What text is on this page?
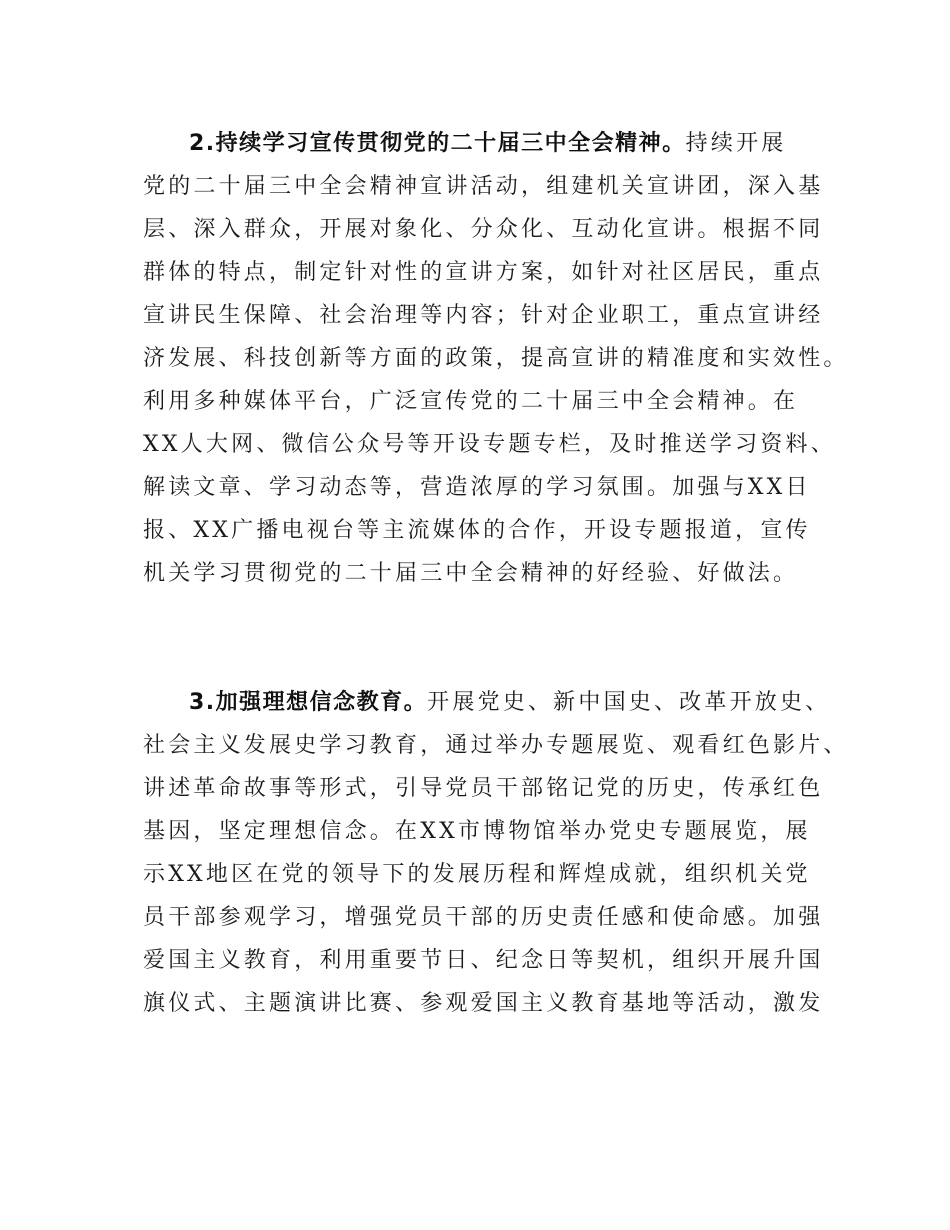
2.持续学习宣传贯彻党的二十届三中全会精神。持续开展
党的二十届三中全会精神宣讲活动，组建机关宣讲团，深入基
层、深入群众，开展对象化、分众化、互动化宣讲。根据不同
群体的特点，制定针对性的宣讲方案，如针对社区居民，重点
宣讲民生保障、社会治理等内容；针对企业职工，重点宣讲经
济发展、科技创新等方面的政策，提高宣讲的精准度和实效性。
利用多种媒体平台，广泛宣传党的二十届三中全会精神。在
XX人大网、微信公众号等开设专题专栏，及时推送学习资料、
解读文章、学习动态等，营造浓厚的学习氛围。加强与XX日
报、XX广播电视台等主流媒体的合作，开设专题报道，宣传
机关学习贯彻党的二十届三中全会精神的好经验、好做法。
3.加强理想信念教育。开展党史、新中国史、改革开放史、
社会主义发展史学习教育，通过举办专题展览、观看红色影片、
讲述革命故事等形式，引导党员干部铭记党的历史，传承红色
基因，坚定理想信念。在XX市博物馆举办党史专题展览，展
示XX地区在党的领导下的发展历程和辉煌成就，组织机关党
员干部参观学习，增强党员干部的历史责任感和使命感。加强
爱国主义教育，利用重要节日、纪念日等契机，组织开展升国
旗仪式、主题演讲比赛、参观爱国主义教育基地等活动，激发
